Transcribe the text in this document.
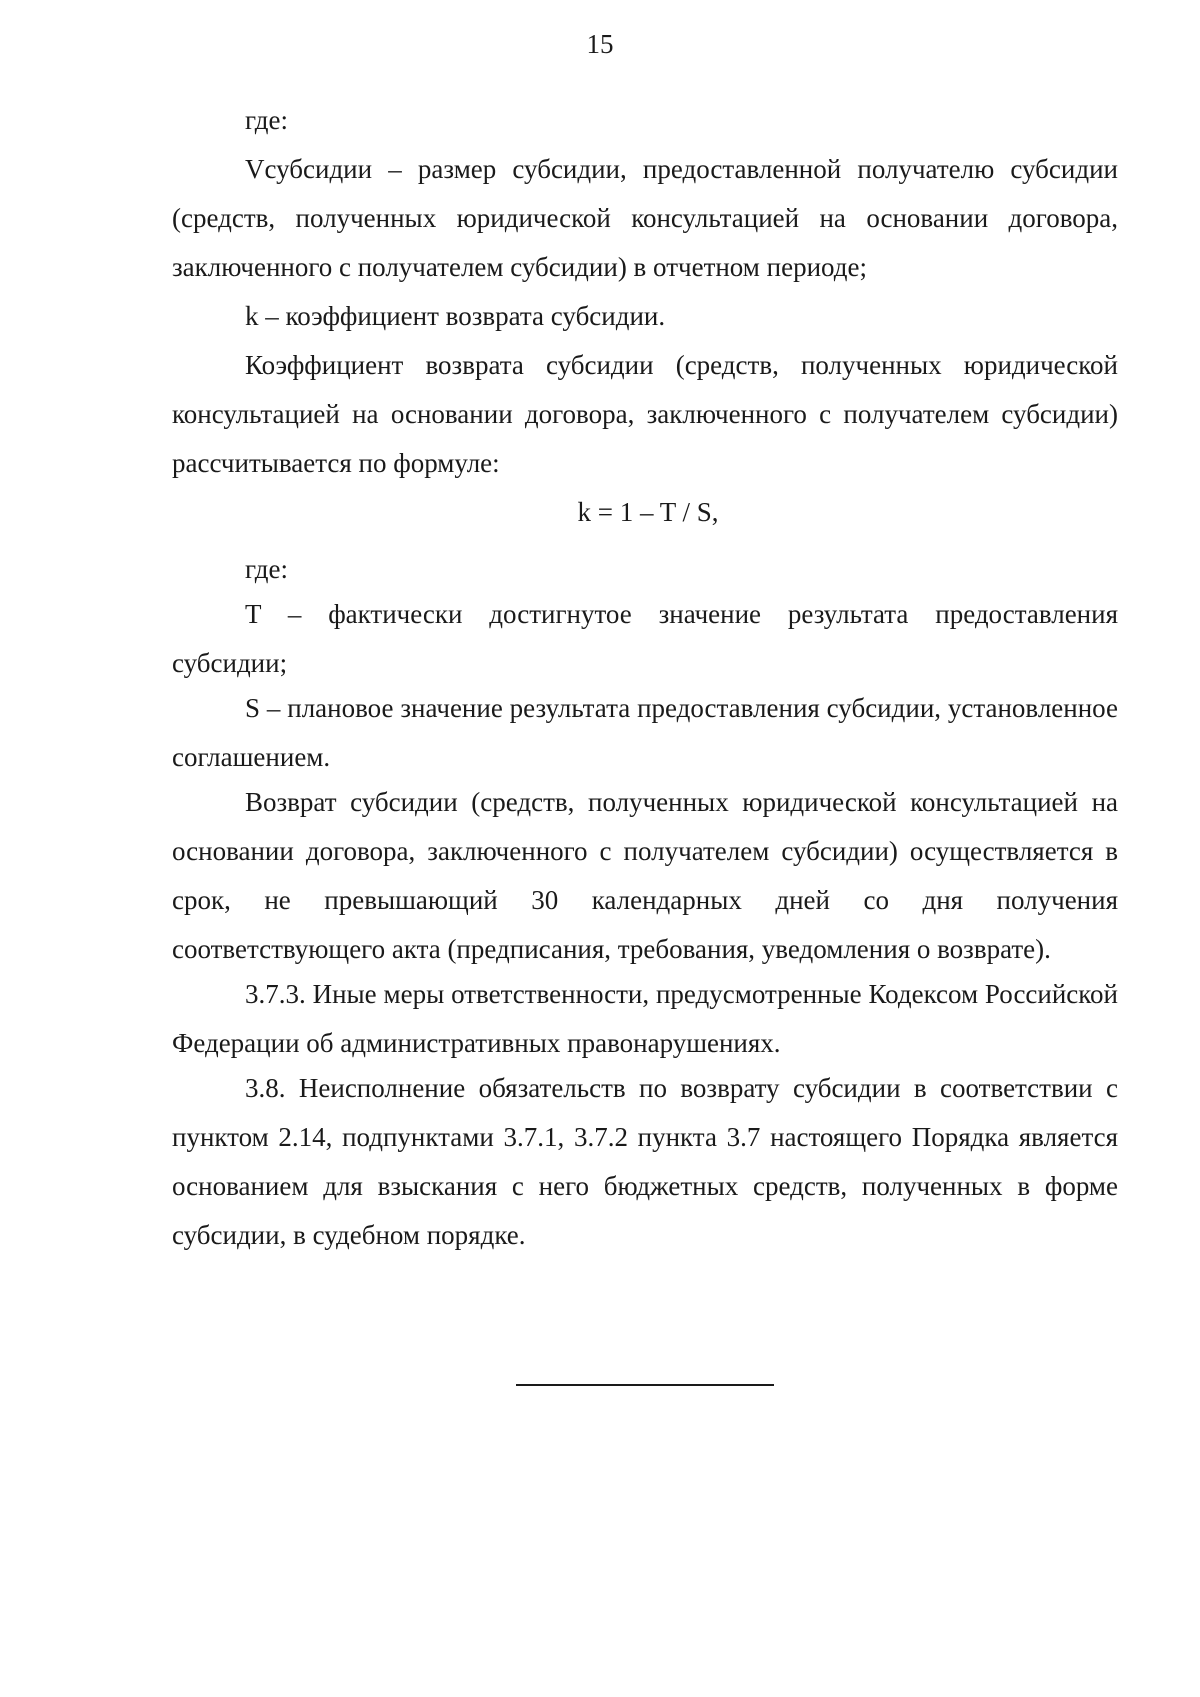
15

где:

Vсубсидии – размер субсидии, предоставленной получателю субсидии (средств, полученных юридической консультацией на основании договора, заключенного с получателем субсидии) в отчетном периоде;

k – коэффициент возврата субсидии.

Коэффициент возврата субсидии (средств, полученных юридической консультацией на основании договора, заключенного с получателем субсидии) рассчитывается по формуле:

k = 1 – T / S,

где:

T – фактически достигнутое значение результата предоставления субсидии;

S – плановое значение результата предоставления субсидии, установленное соглашением.

Возврат субсидии (средств, полученных юридической консультацией на основании договора, заключенного с получателем субсидии) осуществляется в срок, не превышающий 30 календарных дней со дня получения соответствующего акта (предписания, требования, уведомления о возврате).

3.7.3. Иные меры ответственности, предусмотренные Кодексом Российской Федерации об административных правонарушениях.

3.8. Неисполнение обязательств по возврату субсидии в соответствии с пунктом 2.14, подпунктами 3.7.1, 3.7.2 пункта 3.7 настоящего Порядка является основанием для взыскания с него бюджетных средств, полученных в форме субсидии, в судебном порядке.
